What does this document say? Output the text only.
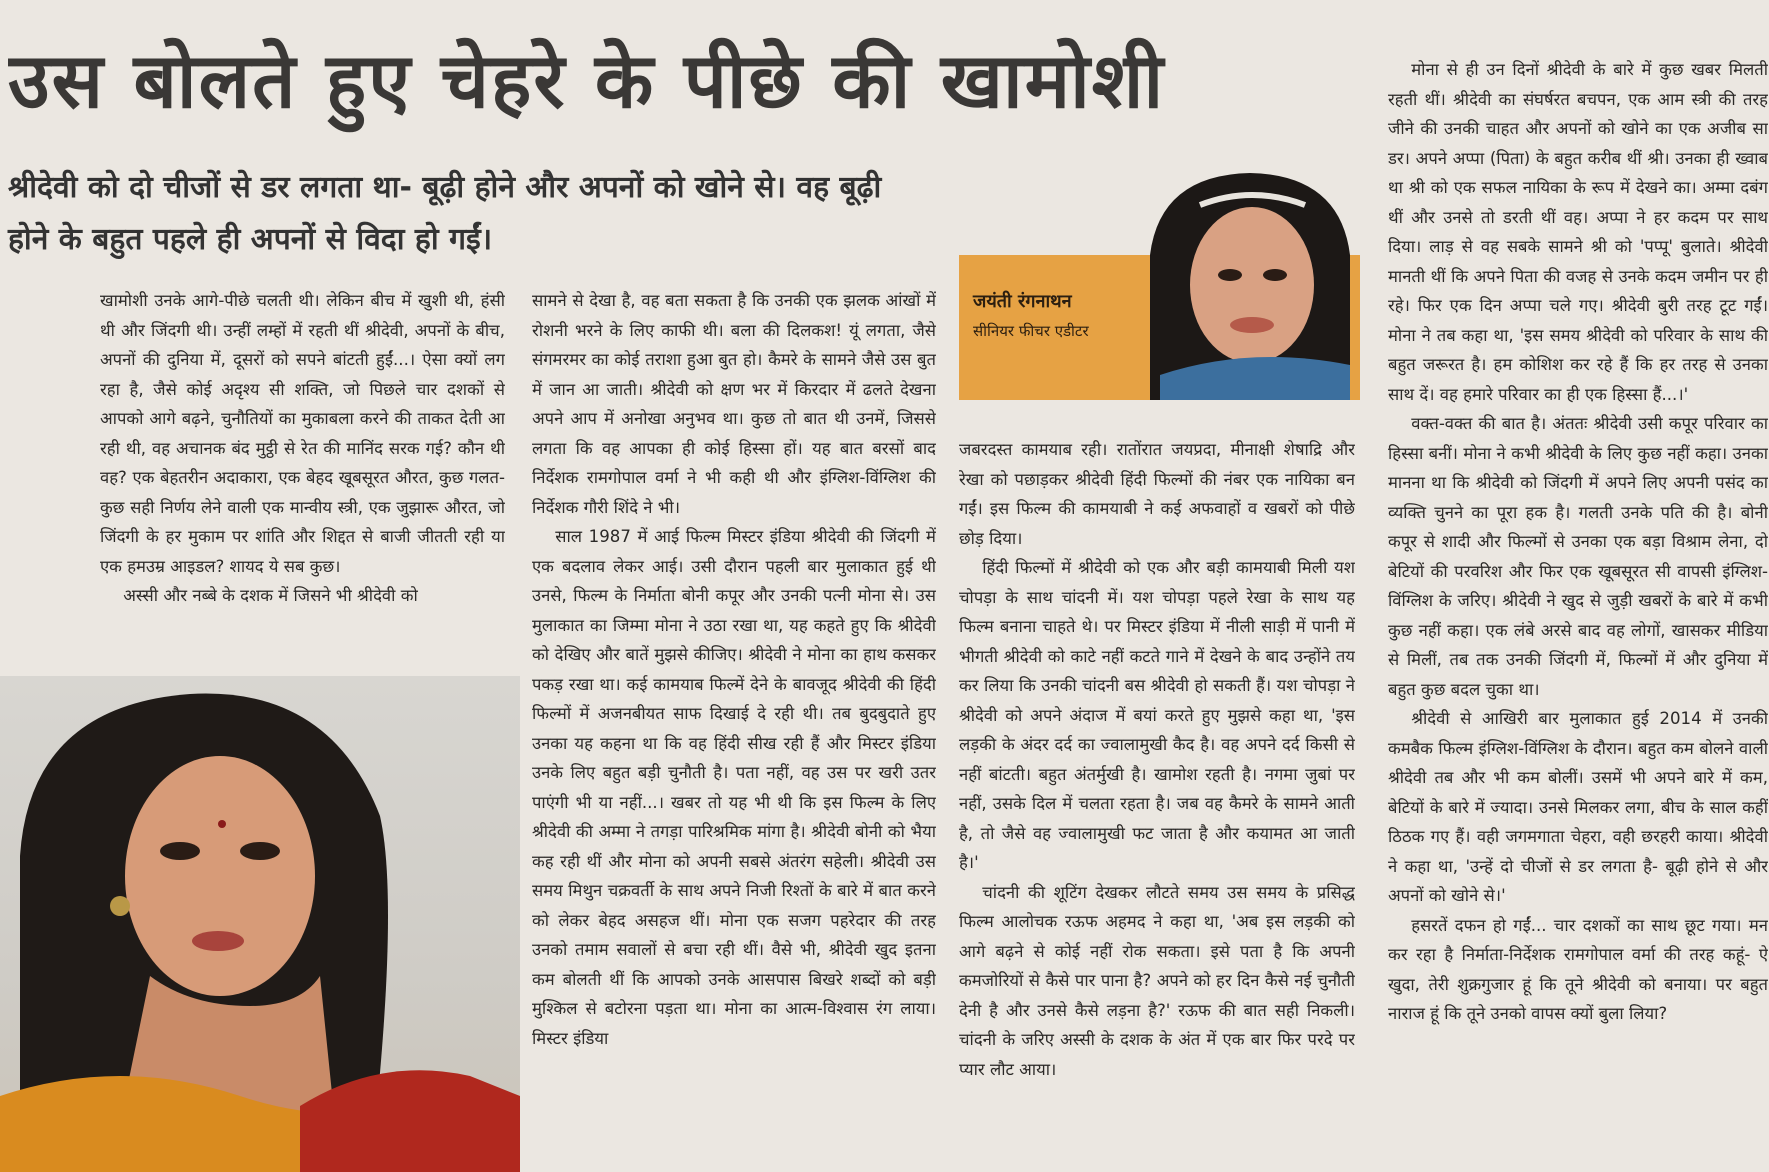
उस बोलते हुए चेहरे के पीछे की खामोशी
श्रीदेवी को दो चीजों से डर लगता था- बूढ़ी होने और अपनों को खोने से। वह बूढ़ी होने के बहुत पहले ही अपनों से विदा हो गईं।

खामोशी उनके आगे-पीछे चलती थी। लेकिन बीच में खुशी थी, हंसी थी और जिंदगी थी। उन्हीं लम्हों में रहती थीं श्रीदेवी, अपनों के बीच, अपनों की दुनिया में, दूसरों को सपने बांटती हुईं...। ऐसा क्यों लग रहा है, जैसे कोई अदृश्य सी शक्ति, जो पिछले चार दशकों से आपको आगे बढ़ने, चुनौतियों का मुकाबला करने की ताकत देती आ रही थी, वह अचानक बंद मुट्ठी से रेत की मानिंद सरक गई? कौन थी वह? एक बेहतरीन अदाकारा, एक बेहद खूबसूरत औरत, कुछ गलत-कुछ सही निर्णय लेने वाली एक मान्वीय स्त्री, एक जुझारू औरत, जो जिंदगी के हर मुकाम पर शांति और शिद्दत से बाजी जीतती रही या एक हमउम्र आइडल? शायद ये सब कुछ।

अस्सी और नब्बे के दशक में जिसने भी श्रीदेवी को

सामने से देखा है, वह बता सकता है कि उनकी एक झलक आंखों में रोशनी भरने के लिए काफी थी। बला की दिलकश! यूं लगता, जैसे संगमरमर का कोई तराशा हुआ बुत हो। कैमरे के सामने जैसे उस बुत में जान आ जाती। श्रीदेवी को क्षण भर में किरदार में ढलते देखना अपने आप में अनोखा अनुभव था। कुछ तो बात थी उनमें, जिससे लगता कि वह आपका ही कोई हिस्सा हों। यह बात बरसों बाद निर्देशक रामगोपाल वर्मा ने भी कही थी और इंग्लिश-विंग्लिश की निर्देशक गौरी शिंदे ने भी।

साल 1987 में आई फिल्म मिस्टर इंडिया श्रीदेवी की जिंदगी में एक बदलाव लेकर आई। उसी दौरान पहली बार मुलाकात हुई थी उनसे, फिल्म के निर्माता बोनी कपूर और उनकी पत्नी मोना से। उस मुलाकात का जिम्मा मोना ने उठा रखा था, यह कहते हुए कि श्रीदेवी को देखिए और बातें मुझसे कीजिए। श्रीदेवी ने मोना का हाथ कसकर पकड़ रखा था। कई कामयाब फिल्में देने के बावजूद श्रीदेवी की हिंदी फिल्मों में अजनबीयत साफ दिखाई दे रही थी। तब बुदबुदाते हुए उनका यह कहना था कि वह हिंदी सीख रही हैं और मिस्टर इंडिया उनके लिए बहुत बड़ी चुनौती है। पता नहीं, वह उस पर खरी उतर पाएंगी भी या नहीं...। खबर तो यह भी थी कि इस फिल्म के लिए श्रीदेवी की अम्मा ने तगड़ा पारिश्रमिक मांगा है। श्रीदेवी बोनी को भैया कह रही थीं और मोना को अपनी सबसे अंतरंग सहेली। श्रीदेवी उस समय मिथुन चक्रवर्ती के साथ अपने निजी रिश्तों के बारे में बात करने को लेकर बेहद असहज थीं। मोना एक सजग पहरेदार की तरह उनको तमाम सवालों से बचा रही थीं। वैसे भी, श्रीदेवी खुद इतना कम बोलती थीं कि आपको उनके आसपास बिखरे शब्दों को बड़ी मुश्किल से बटोरना पड़ता था। मोना का आत्म-विश्वास रंग लाया। मिस्टर इंडिया

जयंती रंगनाथन
सीनियर फीचर एडीटर

जबरदस्त कामयाब रही। रातोंरात जयप्रदा, मीनाक्षी शेषाद्रि और रेखा को पछाड़कर श्रीदेवी हिंदी फिल्मों की नंबर एक नायिका बन गईं। इस फिल्म की कामयाबी ने कई अफवाहों व खबरों को पीछे छोड़ दिया।

हिंदी फिल्मों में श्रीदेवी को एक और बड़ी कामयाबी मिली यश चोपड़ा के साथ चांदनी में। यश चोपड़ा पहले रेखा के साथ यह फिल्म बनाना चाहते थे। पर मिस्टर इंडिया में नीली साड़ी में पानी में भीगती श्रीदेवी को काटे नहीं कटते गाने में देखने के बाद उन्होंने तय कर लिया कि उनकी चांदनी बस श्रीदेवी हो सकती हैं। यश चोपड़ा ने श्रीदेवी को अपने अंदाज में बयां करते हुए मुझसे कहा था, 'इस लड़की के अंदर दर्द का ज्वालामुखी कैद है। वह अपने दर्द किसी से नहीं बांटती। बहुत अंतर्मुखी है। खामोश रहती है। नगमा जुबां पर नहीं, उसके दिल में चलता रहता है। जब वह कैमरे के सामने आती है, तो जैसे वह ज्वालामुखी फट जाता है और कयामत आ जाती है।'

चांदनी की शूटिंग देखकर लौटते समय उस समय के प्रसिद्ध फिल्म आलोचक रऊफ अहमद ने कहा था, 'अब इस लड़की को आगे बढ़ने से कोई नहीं रोक सकता। इसे पता है कि अपनी कमजोरियों से कैसे पार पाना है? अपने को हर दिन कैसे नई चुनौती देनी है और उनसे कैसे लड़ना है?' रऊफ की बात सही निकली। चांदनी के जरिए अस्सी के दशक के अंत में एक बार फिर परदे पर प्यार लौट आया।

मोना से ही उन दिनों श्रीदेवी के बारे में कुछ खबर मिलती रहती थीं। श्रीदेवी का संघर्षरत बचपन, एक आम स्त्री की तरह जीने की उनकी चाहत और अपनों को खोने का एक अजीब सा डर। अपने अप्पा (पिता) के बहुत करीब थीं श्री। उनका ही ख्वाब था श्री को एक सफल नायिका के रूप में देखने का। अम्मा दबंग थीं और उनसे तो डरती थीं वह। अप्पा ने हर कदम पर साथ दिया। लाड़ से वह सबके सामने श्री को 'पप्पू' बुलाते। श्रीदेवी मानती थीं कि अपने पिता की वजह से उनके कदम जमीन पर ही रहे। फिर एक दिन अप्पा चले गए। श्रीदेवी बुरी तरह टूट गईं। मोना ने तब कहा था, 'इस समय श्रीदेवी को परिवार के साथ की बहुत जरूरत है। हम कोशिश कर रहे हैं कि हर तरह से उनका साथ दें। वह हमारे परिवार का ही एक हिस्सा हैं...।'

वक्त-वक्त की बात है। अंततः श्रीदेवी उसी कपूर परिवार का हिस्सा बनीं। मोना ने कभी श्रीदेवी के लिए कुछ नहीं कहा। उनका मानना था कि श्रीदेवी को जिंदगी में अपने लिए अपनी पसंद का व्यक्ति चुनने का पूरा हक है। गलती उनके पति की है। बोनी कपूर से शादी और फिल्मों से उनका एक बड़ा विश्राम लेना, दो बेटियों की परवरिश और फिर एक खूबसूरत सी वापसी इंग्लिश-विंग्लिश के जरिए। श्रीदेवी ने खुद से जुड़ी खबरों के बारे में कभी कुछ नहीं कहा। एक लंबे अरसे बाद वह लोगों, खासकर मीडिया से मिलीं, तब तक उनकी जिंदगी में, फिल्मों में और दुनिया में बहुत कुछ बदल चुका था।

श्रीदेवी से आखिरी बार मुलाकात हुई 2014 में उनकी कमबैक फिल्म इंग्लिश-विंग्लिश के दौरान। बहुत कम बोलने वाली श्रीदेवी तब और भी कम बोलीं। उसमें भी अपने बारे में कम, बेटियों के बारे में ज्यादा। उनसे मिलकर लगा, बीच के साल कहीं ठिठक गए हैं। वही जगमगाता चेहरा, वही छरहरी काया। श्रीदेवी ने कहा था, 'उन्हें दो चीजों से डर लगता है- बूढ़ी होने से और अपनों को खोने से।'

हसरतें दफन हो गईं... चार दशकों का साथ छूट गया। मन कर रहा है निर्माता-निर्देशक रामगोपाल वर्मा की तरह कहूं- ऐ खुदा, तेरी शुक्रगुजार हूं कि तूने श्रीदेवी को बनाया। पर बहुत नाराज हूं कि तूने उनको वापस क्यों बुला लिया?
